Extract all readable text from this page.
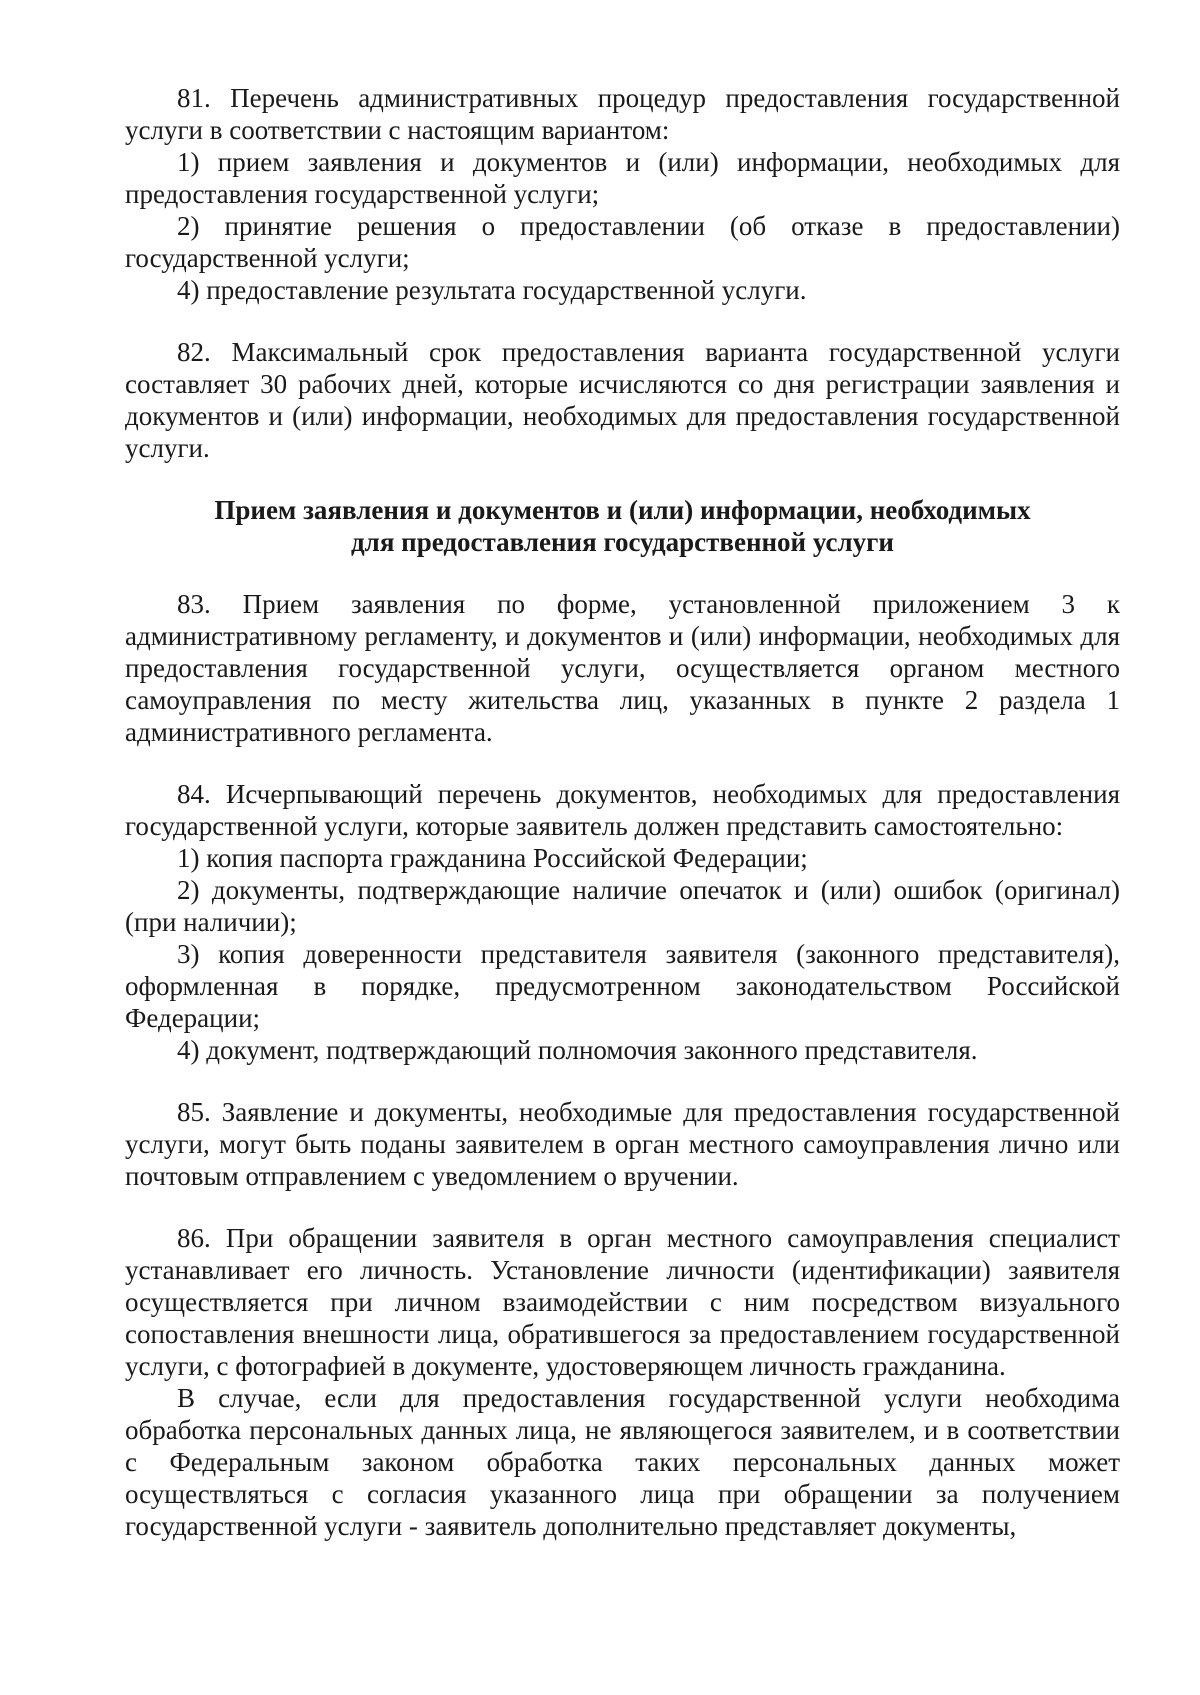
81. Перечень административных процедур предоставления государственной услуги в соответствии с настоящим вариантом:

1) прием заявления и документов и (или) информации, необходимых для предоставления государственной услуги;

2) принятие решения о предоставлении (об отказе в предоставлении) государственной услуги;

4) предоставление результата государственной услуги.

82. Максимальный срок предоставления варианта государственной услуги составляет 30 рабочих дней, которые исчисляются со дня регистрации заявления и документов и (или) информации, необходимых для предоставления государственной услуги.

Прием заявления и документов и (или) информации, необходимых
для предоставления государственной услуги

83. Прием заявления по форме, установленной приложением 3 к административному регламенту, и документов и (или) информации, необходимых для предоставления государственной услуги, осуществляется органом местного самоуправления по месту жительства лиц, указанных в пункте 2 раздела 1 административного регламента.

84. Исчерпывающий перечень документов, необходимых для предоставления государственной услуги, которые заявитель должен представить самостоятельно:

1) копия паспорта гражданина Российской Федерации;

2) документы, подтверждающие наличие опечаток и (или) ошибок (оригинал) (при наличии);

3) копия доверенности представителя заявителя (законного представителя), оформленная в порядке, предусмотренном законодательством Российской Федерации;

4) документ, подтверждающий полномочия законного представителя.

85. Заявление и документы, необходимые для предоставления государственной услуги, могут быть поданы заявителем в орган местного самоуправления лично или почтовым отправлением с уведомлением о вручении.

86. При обращении заявителя в орган местного самоуправления специалист устанавливает его личность. Установление личности (идентификации) заявителя осуществляется при личном взаимодействии с ним посредством визуального сопоставления внешности лица, обратившегося за предоставлением государственной услуги, с фотографией в документе, удостоверяющем личность гражданина.

В случае, если для предоставления государственной услуги необходима обработка персональных данных лица, не являющегося заявителем, и в соответствии с Федеральным законом обработка таких персональных данных может осуществляться с согласия указанного лица при обращении за получением государственной услуги - заявитель дополнительно представляет документы,
